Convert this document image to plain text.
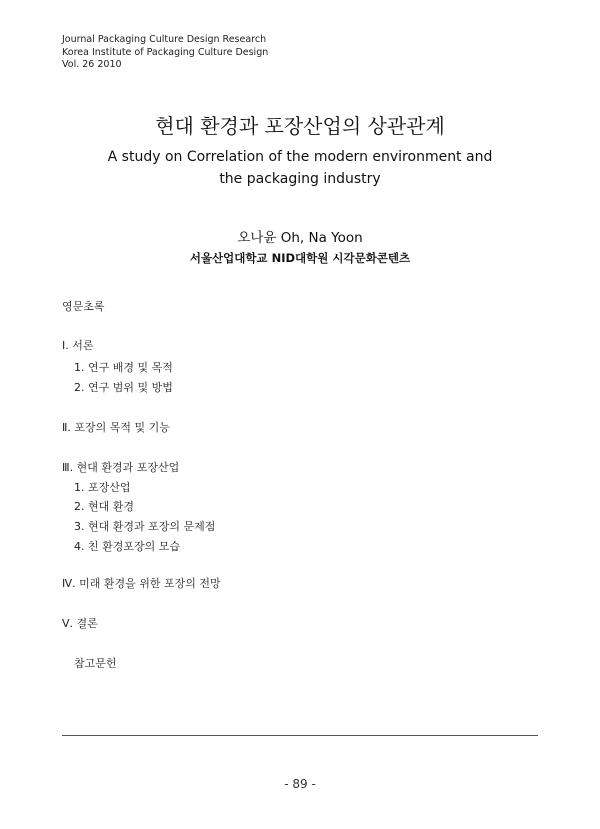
Journal Packaging Culture Design Research
Korea Institute of Packaging Culture Design
Vol. 26 2010
현대 환경과 포장산업의 상관관계
A study on Correlation of the modern environment and
the packaging industry
오나윤 Oh, Na Yoon
서울산업대학교 NID대학원 시각문화콘텐츠
영문초록
Ⅰ. 서론
1. 연구 배경 및 목적
2. 연구 범위 및 방법
Ⅱ. 포장의 목적 및 기능
Ⅲ. 현대 환경과 포장산업
1. 포장산업
2. 현대 환경
3. 현대 환경과 포장의 문제점
4. 친 환경포장의 모습
Ⅳ. 미래 환경을 위한 포장의 전망
Ⅴ. 결론
참고문헌
- 89 -
